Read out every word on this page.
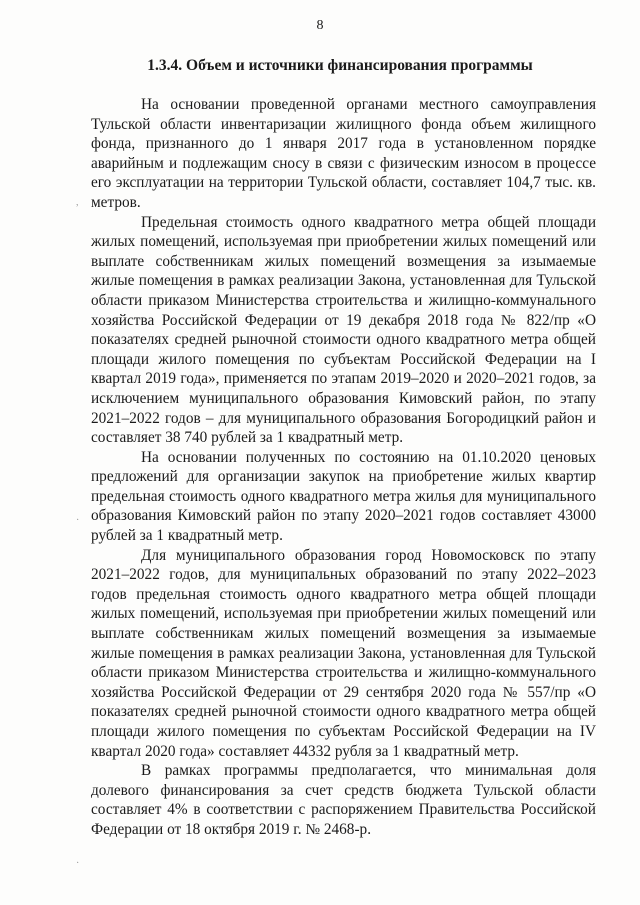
8
1.3.4. Объем и источники финансирования программы

На основании проведенной органами местного самоуправления Тульской области инвентаризации жилищного фонда объем жилищного фонда, признанного до 1 января 2017 года в установленном порядке аварийным и подлежащим сносу в связи с физическим износом в процессе его эксплуатации на территории Тульской области, составляет 104,7 тыс. кв. метров.

Предельная стоимость одного квадратного метра общей площади жилых помещений, используемая при приобретении жилых помещений или выплате собственникам жилых помещений возмещения за изымаемые жилые помещения в рамках реализации Закона, установленная для Тульской области приказом Министерства строительства и жилищно-коммунального хозяйства Российской Федерации от 19 декабря 2018 года № 822/пр «О показателях средней рыночной стоимости одного квадратного метра общей площади жилого помещения по субъектам Российской Федерации на I квартал 2019 года», применяется по этапам 2019–2020 и 2020–2021 годов, за исключением муниципального образования Кимовский район, по этапу 2021–2022 годов – для муниципального образования Богородицкий район и составляет 38 740 рублей за 1 квадратный метр.

На основании полученных по состоянию на 01.10.2020 ценовых предложений для организации закупок на приобретение жилых квартир предельная стоимость одного квадратного метра жилья для муниципального образования Кимовский район по этапу 2020–2021 годов составляет 43000 рублей за 1 квадратный метр.

Для муниципального образования город Новомосковск по этапу 2021–2022 годов, для муниципальных образований по этапу 2022–2023 годов предельная стоимость одного квадратного метра общей площади жилых помещений, используемая при приобретении жилых помещений или выплате собственникам жилых помещений возмещения за изымаемые жилые помещения в рамках реализации Закона, установленная для Тульской области приказом Министерства строительства и жилищно-коммунального хозяйства Российской Федерации от 29 сентября 2020 года № 557/пр «О показателях средней рыночной стоимости одного квадратного метра общей площади жилого помещения по субъектам Российской Федерации на IV квартал 2020 года» составляет 44332 рубля за 1 квадратный метр.

В рамках программы предполагается, что минимальная доля долевого финансирования за счет средств бюджета Тульской области составляет 4% в соответствии с распоряжением Правительства Российской Федерации от 18 октября 2019 г. № 2468-р.

,
·
·
